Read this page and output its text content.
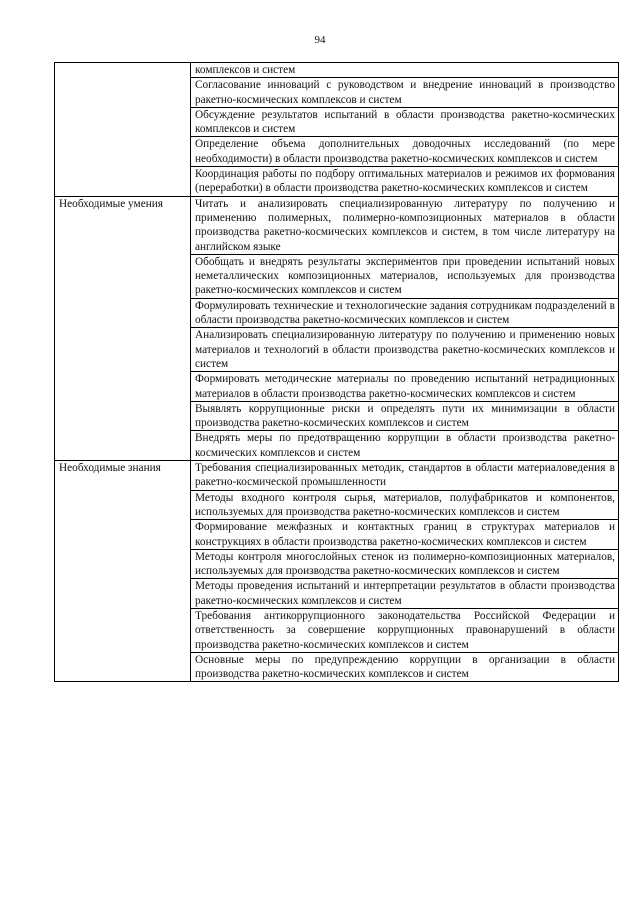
94
	комплексов и систем
	Согласование инноваций с руководством и внедрение инноваций в производство ракетно-космических комплексов и систем
	Обсуждение результатов испытаний в области производства ракетно-космических комплексов и систем
	Определение объема дополнительных доводочных исследований (по мере необходимости) в области производства ракетно-космических комплексов и систем
	Координация работы по подбору оптимальных материалов и режимов их формования (переработки) в области производства ракетно-космических комплексов и систем
Необходимые умения	Читать и анализировать специализированную литературу по получению и применению полимерных, полимерно-композиционных материалов в области производства ракетно-космических комплексов и систем, в том числе литературу на английском языке
	Обобщать и внедрять результаты экспериментов при проведении испытаний новых неметаллических композиционных материалов, используемых для производства ракетно-космических комплексов и систем
	Формулировать технические и технологические задания сотрудникам подразделений в области производства ракетно-космических комплексов и систем
	Анализировать специализированную литературу по получению и применению новых материалов и технологий в области производства ракетно-космических комплексов и систем
	Формировать методические материалы по проведению испытаний нетрадиционных материалов в области производства ракетно-космических комплексов и систем
	Выявлять коррупционные риски и определять пути их минимизации в области производства ракетно-космических комплексов и систем
	Внедрять меры по предотвращению коррупции в области производства ракетно-космических комплексов и систем
Необходимые знания	Требования специализированных методик, стандартов в области материаловедения в ракетно-космической промышленности
	Методы входного контроля сырья, материалов, полуфабрикатов и компонентов, используемых для производства ракетно-космических комплексов и систем
	Формирование межфазных и контактных границ в структурах материалов и конструкциях в области производства ракетно-космических комплексов и систем
	Методы контроля многослойных стенок из полимерно-композиционных материалов, используемых для производства ракетно-космических комплексов и систем
	Методы проведения испытаний и интерпретации результатов в области производства ракетно-космических комплексов и систем
	Требования антикоррупционного законодательства Российской Федерации и ответственность за совершение коррупционных правонарушений в области производства ракетно-космических комплексов и систем
	Основные меры по предупреждению коррупции в организации в области производства ракетно-космических комплексов и систем
